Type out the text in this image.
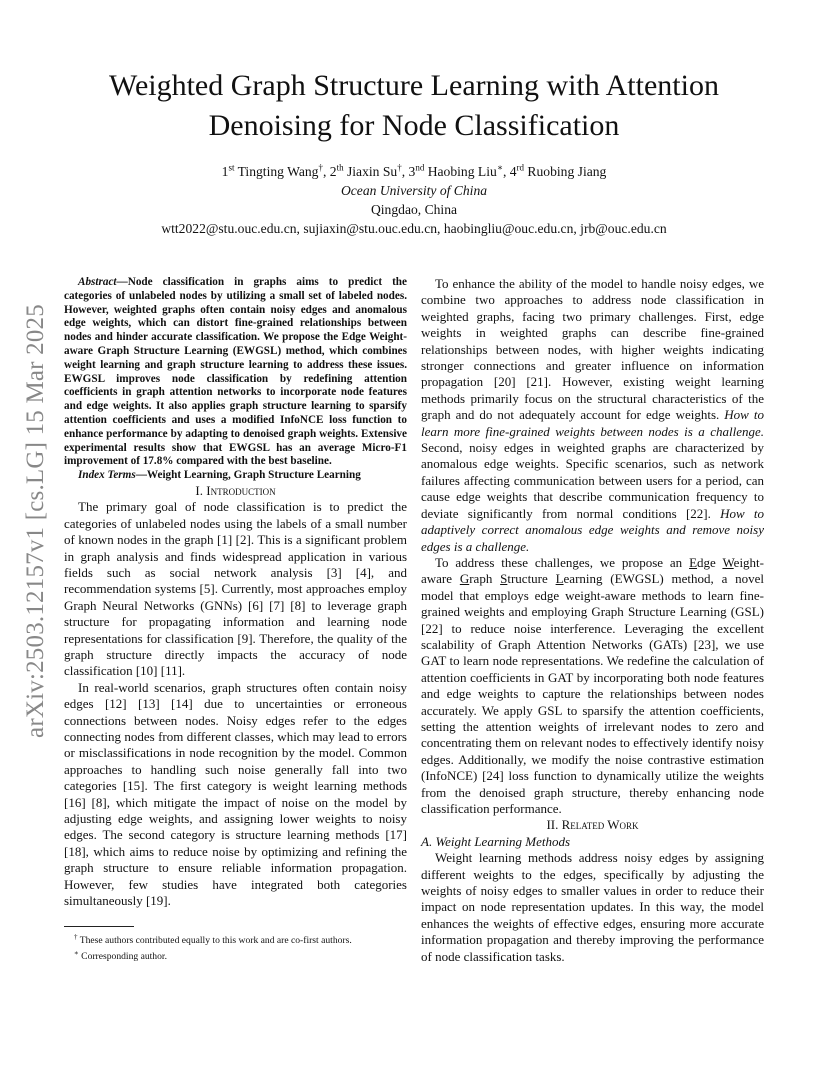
arXiv:2503.12157v1 [cs.LG] 15 Mar 2025
Weighted Graph Structure Learning with Attention
Denoising for Node Classification
1st Tingting Wang†, 2th Jiaxin Su†, 3nd Haobing Liu∗, 4rd Ruobing Jiang
Ocean University of China
Qingdao, China
wtt2022@stu.ouc.edu.cn, sujiaxin@stu.ouc.edu.cn, haobingliu@ouc.edu.cn, jrb@ouc.edu.cn

Abstract—Node classification in graphs aims to predict the categories of unlabeled nodes by utilizing a small set of labeled nodes. However, weighted graphs often contain noisy edges and anomalous edge weights, which can distort fine-grained relationships between nodes and hinder accurate classification. We propose the Edge Weight-aware Graph Structure Learning (EWGSL) method, which combines weight learning and graph structure learning to address these issues. EWGSL improves node classification by redefining attention coefficients in graph attention networks to incorporate node features and edge weights. It also applies graph structure learning to sparsify attention coefficients and uses a modified InfoNCE loss function to enhance performance by adapting to denoised graph weights. Extensive experimental results show that EWGSL has an average Micro-F1 improvement of 17.8% compared with the best baseline.

Index Terms—Weight Learning, Graph Structure Learning

I. Introduction

The primary goal of node classification is to predict the categories of unlabeled nodes using the labels of a small number of known nodes in the graph [1] [2]. This is a significant problem in graph analysis and finds widespread application in various fields such as social network analysis [3] [4], and recommendation systems [5]. Currently, most approaches employ Graph Neural Networks (GNNs) [6] [7] [8] to leverage graph structure for propagating information and learning node representations for classification [9]. Therefore, the quality of the graph structure directly impacts the accuracy of node classification [10] [11].

In real-world scenarios, graph structures often contain noisy edges [12] [13] [14] due to uncertainties or erroneous connections between nodes. Noisy edges refer to the edges connecting nodes from different classes, which may lead to errors or misclassifications in node recognition by the model. Common approaches to handling such noise generally fall into two categories [15]. The first category is weight learning methods [16] [8], which mitigate the impact of noise on the model by adjusting edge weights, and assigning lower weights to noisy edges. The second category is structure learning methods [17] [18], which aims to reduce noise by optimizing and refining the graph structure to ensure reliable information propagation. However, few studies have integrated both categories simultaneously [19].

† These authors contributed equally to this work and are co-first authors.

∗ Corresponding author.

To enhance the ability of the model to handle noisy edges, we combine two approaches to address node classification in weighted graphs, facing two primary challenges. First, edge weights in weighted graphs can describe fine-grained relationships between nodes, with higher weights indicating stronger connections and greater influence on information propagation [20] [21]. However, existing weight learning methods primarily focus on the structural characteristics of the graph and do not adequately account for edge weights. How to learn more fine-grained weights between nodes is a challenge. Second, noisy edges in weighted graphs are characterized by anomalous edge weights. Specific scenarios, such as network failures affecting communication between users for a period, can cause edge weights that describe communication frequency to deviate significantly from normal conditions [22]. How to adaptively correct anomalous edge weights and remove noisy edges is a challenge.

To address these challenges, we propose an Edge Weight-aware Graph Structure Learning (EWGSL) method, a novel model that employs edge weight-aware methods to learn fine-grained weights and employing Graph Structure Learning (GSL) [22] to reduce noise interference. Leveraging the excellent scalability of Graph Attention Networks (GATs) [23], we use GAT to learn node representations. We redefine the calculation of attention coefficients in GAT by incorporating both node features and edge weights to capture the relationships between nodes accurately. We apply GSL to sparsify the attention coefficients, setting the attention weights of irrelevant nodes to zero and concentrating them on relevant nodes to effectively identify noisy edges. Additionally, we modify the noise contrastive estimation (InfoNCE) [24] loss function to dynamically utilize the weights from the denoised graph structure, thereby enhancing node classification performance.

II. Related Work

A. Weight Learning Methods

Weight learning methods address noisy edges by assigning different weights to the edges, specifically by adjusting the weights of noisy edges to smaller values in order to reduce their impact on node representation updates. In this way, the model enhances the weights of effective edges, ensuring more accurate information propagation and thereby improving the performance of node classification tasks.
